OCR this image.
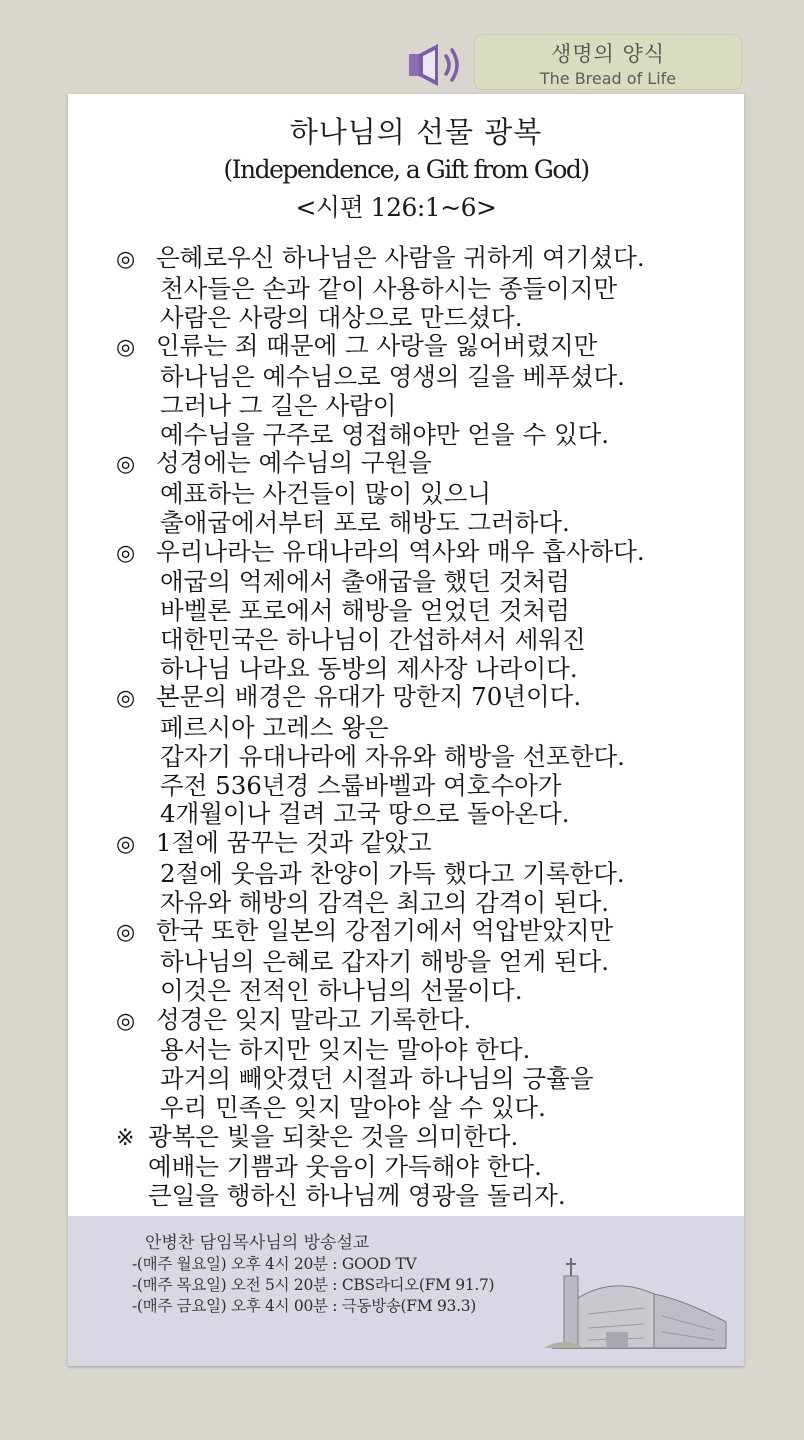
생명의 양식
The Bread of Life
하나님의 선물 광복
(Independence, a Gift from God)
<시편 126:1~6>
◎ 은혜로우신 하나님은 사람을 귀하게 여기셨다.
천사들은 손과 같이 사용하시는 종들이지만
사람은 사랑의 대상으로 만드셨다.
◎ 인류는 죄 때문에 그 사랑을 잃어버렸지만
하나님은 예수님으로 영생의 길을 베푸셨다.
그러나 그 길은 사람이
예수님을 구주로 영접해야만 얻을 수 있다.
◎ 성경에는 예수님의 구원을
예표하는 사건들이 많이 있으니
출애굽에서부터 포로 해방도 그러하다.
◎ 우리나라는 유대나라의 역사와 매우 흡사하다.
애굽의 억제에서 출애굽을 했던 것처럼
바벨론 포로에서 해방을 얻었던 것처럼
대한민국은 하나님이 간섭하셔서 세워진
하나님 나라요 동방의 제사장 나라이다.
◎ 본문의 배경은 유대가 망한지 70년이다.
페르시아 고레스 왕은
갑자기 유대나라에 자유와 해방을 선포한다.
주전 536년경 스룹바벨과 여호수아가
4개월이나 걸려 고국 땅으로 돌아온다.
◎ 1절에 꿈꾸는 것과 같았고
2절에 웃음과 찬양이 가득 했다고 기록한다.
자유와 해방의 감격은 최고의 감격이 된다.
◎ 한국 또한 일본의 강점기에서 억압받았지만
하나님의 은혜로 갑자기 해방을 얻게 된다.
이것은 전적인 하나님의 선물이다.
◎ 성경은 잊지 말라고 기록한다.
용서는 하지만 잊지는 말아야 한다.
과거의 빼앗겼던 시절과 하나님의 긍휼을
우리 민족은 잊지 말아야 살 수 있다.
※ 광복은 빛을 되찾은 것을 의미한다.
예배는 기쁨과 웃음이 가득해야 한다.
큰일을 행하신 하나님께 영광을 돌리자.
안병찬 담임목사님의 방송설교
-(매주 월요일) 오후 4시 20분 : GOOD TV
-(매주 목요일) 오전 5시 20분 : CBS라디오(FM 91.7)
-(매주 금요일) 오후 4시 00분 : 극동방송(FM 93.3)
